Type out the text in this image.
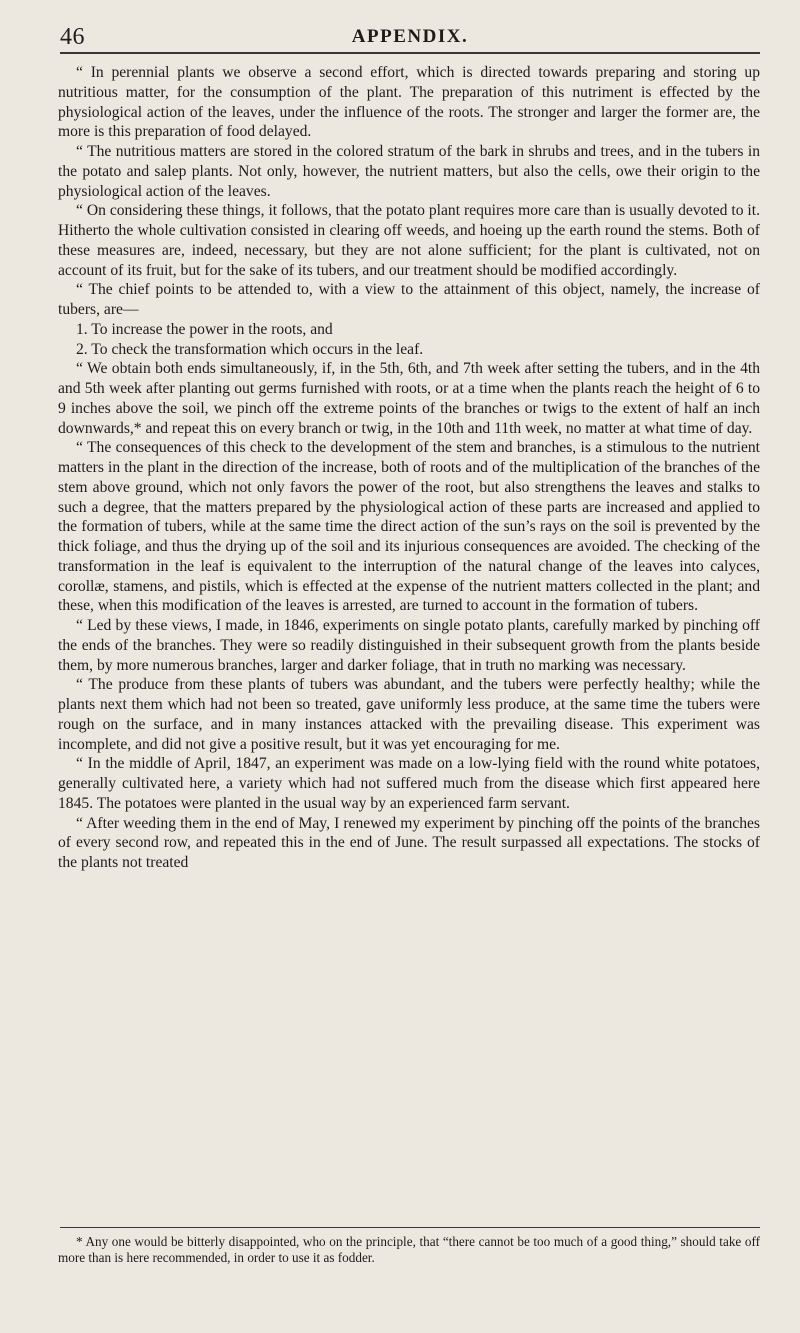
46	APPENDIX.

“ In perennial plants we observe a second effort, which is directed towards preparing and storing up nutritious matter, for the consumption of the plant. The preparation of this nutriment is effected by the physiological action of the leaves, under the influence of the roots. The stronger and larger the former are, the more is this preparation of food delayed.

“ The nutritious matters are stored in the colored stratum of the bark in shrubs and trees, and in the tubers in the potato and salep plants. Not only, however, the nutrient matters, but also the cells, owe their origin to the physiological action of the leaves.

“ On considering these things, it follows, that the potato plant requires more care than is usually devoted to it. Hitherto the whole cultivation consisted in clearing off weeds, and hoeing up the earth round the stems. Both of these measures are, indeed, necessary, but they are not alone sufficient; for the plant is cultivated, not on account of its fruit, but for the sake of its tubers, and our treatment should be modified accordingly.

“ The chief points to be attended to, with a view to the attainment of this object, namely, the increase of tubers, are—

1. To increase the power in the roots, and

2. To check the transformation which occurs in the leaf.

“ We obtain both ends simultaneously, if, in the 5th, 6th, and 7th week after setting the tubers, and in the 4th and 5th week after planting out germs furnished with roots, or at a time when the plants reach the height of 6 to 9 inches above the soil, we pinch off the extreme points of the branches or twigs to the extent of half an inch downwards,* and repeat this on every branch or twig, in the 10th and 11th week, no matter at what time of day.

“ The consequences of this check to the development of the stem and branches, is a stimulous to the nutrient matters in the plant in the direction of the increase, both of roots and of the multiplication of the branches of the stem above ground, which not only favors the power of the root, but also strengthens the leaves and stalks to such a degree, that the matters prepared by the physiological action of these parts are increased and applied to the formation of tubers, while at the same time the direct action of the sun’s rays on the soil is prevented by the thick foliage, and thus the drying up of the soil and its injurious consequences are avoided. The checking of the transformation in the leaf is equivalent to the interruption of the natural change of the leaves into calyces, corollæ, stamens, and pistils, which is effected at the expense of the nutrient matters collected in the plant; and these, when this modification of the leaves is arrested, are turned to account in the formation of tubers.

“ Led by these views, I made, in 1846, experiments on single potato plants, carefully marked by pinching off the ends of the branches. They were so readily distinguished in their subsequent growth from the plants beside them, by more numerous branches, larger and darker foliage, that in truth no marking was necessary.

“ The produce from these plants of tubers was abundant, and the tubers were perfectly healthy; while the plants next them which had not been so treated, gave uniformly less produce, at the same time the tubers were rough on the surface, and in many instances attacked with the prevailing disease. This experiment was incomplete, and did not give a positive result, but it was yet encouraging for me.

“ In the middle of April, 1847, an experiment was made on a low-lying field with the round white potatoes, generally cultivated here, a variety which had not suffered much from the disease which first appeared here 1845. The potatoes were planted in the usual way by an experienced farm servant.

“ After weeding them in the end of May, I renewed my experiment by pinching off the points of the branches of every second row, and repeated this in the end of June. The result surpassed all expectations. The stocks of the plants not treated

* Any one would be bitterly disappointed, who on the principle, that “there cannot be too much of a good thing,” should take off more than is here recommended, in order to use it as fodder.
